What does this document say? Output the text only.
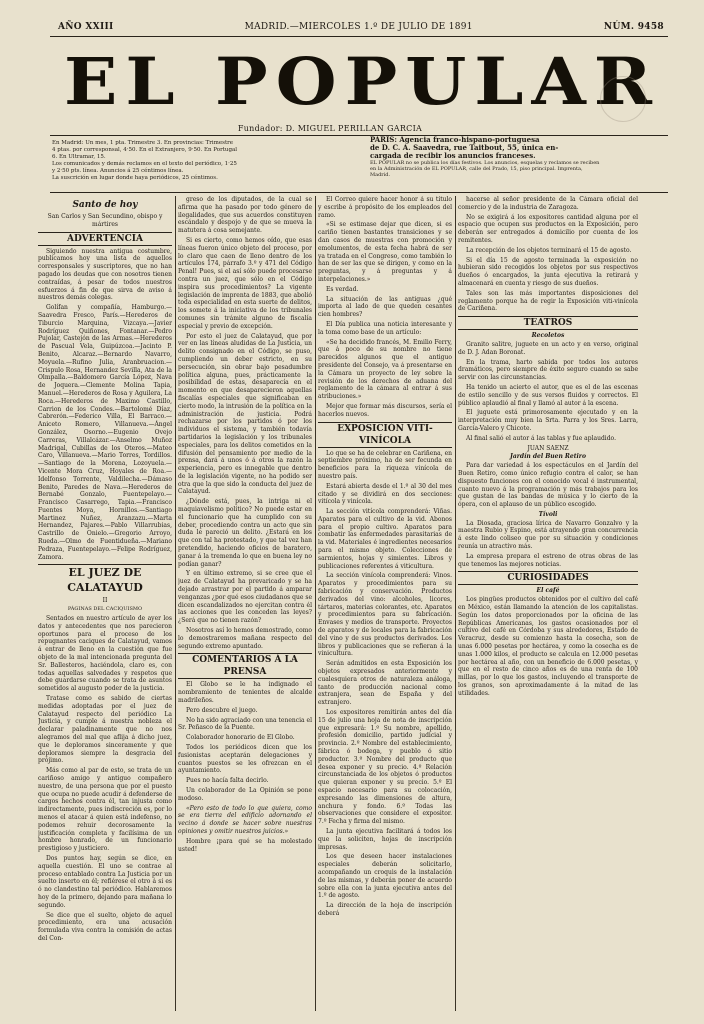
AÑO XXIII	MADRID.—MIERCOLES 1.º DE JULIO DE 1891	NÚM. 9458
EL POPULAR
Fundador: D. MIGUEL PERILLAN GARCIA
En Madrid: Un mes, 1 pta. Trimestre 3. En provincias: Trimestre
4 ptas. por corresponsal, 4·50. En el Extranjero, 9·50. En Portugal
6. En Ultramar, 15.
Los comunicados y demás reclamos en el texto del periódico, 1·25
y 2·50 pts. línea. Anuncios á 25 céntimos línea.
La suscrición en lugar donde haya periódicos, 25 céntimos.
PARIS: Agencia franco-hispano-portuguesa
de D. C. A. Saavedra, rue Taitbout, 55, única en-
cargada de recibir los anuncios franceses.
EL POPULAR no se publica los días festivos. Los anuncios, esquelas y reclamos se reciben en la Administración de EL POPULAR, calle del Prado, 15, piso principal. Imprenta, Madrid.
Santo de hoy
San Carlos y San Secundino, obispo y mártires
ADVERTENCIA

Siguiendo nuestra antigua costumbre, publicamos hoy una lista de aquellos corresponsales y suscriptores, que no han pagado los deudas que con nosotros tienen contraídas, á pesar de todos nuestros esfuerzos á fin de que sirva de aviso á nuestros demás colegas.

Golífan y compañía, Hamburgo.—Saavedra Fresco, París.—Herederos de Tiburcio Marquina, Vizcaya.—Javier Rodríguez Quiñones, Fontanar.—Pedro Pujolar, Castejón de las Armas.—Herederos de Pascual Vela, Guipúzcoa.—Jacinto P. Benito, Alcaraz.—Bernardo Navarro, Moyuela.—Rufino Julia, Aranbruacion.—Crispulo Rosa, Hernandez Sevilla, Ata de la Olmpalla.—Baldomero García López, Nava de Joquera.—Clemente Molina Tapia, Manuel.—Herederos de Rosa y Aguilera, La Roca.—Herederos de Maximo Castillo, Carrion de los Condes.—Bartolomé Díaz, Cabrerón.—Federico Villa, El Barraco.—Aniceto Romero, Villanueva.—Ángel González, Osorno.—Eugenio Ovejo Carreras, Villalcázar.—Anselmo Muñoz Madrigal, Cubillas de los Oteros.—Mateo Caro, Villanueva.—Mario Torres, Tordillos.—Santiago de la Morena, Lozoyuela.—Vicente Mora Cruz, Hoyales de Roa.—Idelfonso Torrente, Valdilecha.—Dámaso Benito, Paredes de Nava.—Herederos de Bernabé Gonzalo, Fuentepelayo.—Francisco Casarrego, Tapia.—Francisco Fuentes Moya, Hornillos.—Santiago Martinez Nuñez, Aranzazu.—Marta Hernandez, Pajares.—Pablo Villarrubias, Castrillo de Onielo.—Gregorio Arroyo, Rueda.—Olmo de Fuentidueña.—Mariano Pedraza, Fuentepelayo.—Felipe Rodríguez, Zamora.

EL JUEZ DE CALATAYUD
II
PÁGINAS DEL CACIQUISMO

Sentados en nuestro artículo de ayer los datos y antecedentes que nos parecieron oportunos para el proceso de los repugnantes caciques de Calatayud, vamos á entrar de lleno en la cuestión que fue objeto de la mal intencionada pregunta del Sr. Ballesteros, haciéndola, claro es, con todas aquellas salvedades y respetos que debe guardarse cuando se trata de asuntos sometidos al augusto poder de la justicia.

Tratase como es sabido de ciertas medidas adoptadas por el juez de Calatayud respecto del periódico La Justicia, y cumple á nuestra nobleza el declarar paladinamente que no nos alegramos del mal que aflija á dicho juez, que le deploramos sinceramente y que deploramos siempre la desgracia del prójimo.

Más como al par de esto, se trata de un cariñoso amigo y antiguo compañero nuestro, de una persona que por el puesto que ocupa no puede acudir á defenderse de cargos hechos contra él, tan injusta como indirectamente, pues indiscreción es, por lo menos el atacar á quien está indefenso, no podemos rehuir decorosamente la justificación completa y facilísima de un hombre honrado, de un funcionario prestigioso y justiciero.

Dos puntos hay, según se dice, en aquella cuestión. El uno se contrae al proceso entablado contra La Justicia por un suelto inserto en él; refiérese el otro á si es ó no clandestino tal periódico. Hablaremos hoy de la primero, dejando para mañana lo segundo.

Se dice que el suelto, objeto de aquel procedimiento, era una acusación formulada viva contra la comisión de actas del Con-

greso de los diputados, de la cual se afirma que ha pasado por todo género de ilegalidades, que sus acuerdos constituyen escándalo y despojo y de que se mueva la matutera á cosa semejante.

Si es cierto, como hemos oído, que esas líneas fueron único objeto del proceso, por lo claro que caen de lleno dentro de los artículos 174, párrafo 3.º y 471 del Código Penal! Pues, si el así sólo puede procesarse contra un juez, que sólo en el Código inspira sus procedimientos? La vigente legislación de imprenta de 1883, que abolió toda especialidad en esta suerte de delitos, los somete á la iniciativa de los tribunales comunes sin trámite alguno de fiscalía especial y previo de excepción.

Por esto el juez de Calatayud, que por ver en las líneas aludidas de La Justicia, un delito consignado en el Código, se puso, cumpliendo un deber estricto, en su persecución, sin obrar bajo pesadumbre política alguna, pues, prácticamente la posibilidad de estas, desaparecía en el momento en que desaparecieron aquellas fiscalías especiales que significaban en cierto modo, la intrusión de la política en la administración de justicia. Podrá rechazarse por los partidos ó por los individuos el sistema, y también todavía partidarios la legislación y los tribunales especiales, para los delitos cometidos en la difusión del pensamiento por medio de la prensa, dará á unos ó á otros la razón la experiencia, pero es innegable que dentro de la legislación vigente, no ha podido ser otra que la que sido la conducta del juez de Calatayud.

¿Dónde está, pues, la intriga ni el maquiavelismo político? No puede estar en el funcionario que ha cumplido con su deber, procediendo contra un acto que sin duda le pareció un delito. ¿Estará en los que con tal ha protestado, y que tal vez han pretendido, haciendo oficios de baratero, ganar á la tremenda lo que en buena ley no podían ganar?

Y en último extremo, si se cree que el juez de Calatayud ha prevaricado y se ha dejado arrastrar por el partido á amparar venganzas ¿por qué esos ciudadanos que se dicen escandalizados no ejercitan contra él las acciones que les conceden las leyes? ¿Será que no tienen razón?

Nosotros así lo hemos demostrado, como lo demostraremos mañana respecto del segundo extremo apuntado.

COMENTARIOS Á LA PRENSA

El Globo se le ha indignado el nombramiento de tenientes de alcalde madrileños.

Pero descubre el juego.

No ha sido agraciado con una tenencia el Sr. Peñasco de la Puente.

Colaborador honorario de El Globo.

Todos los periódicos dicen que los fusionistas aceptarán delegaciones y cuantos puestos se les ofrezcan en el ayuntamiento.

Pues no hacía falta decirlo.

Un colaborador de La Opinión se pone modoso.

«Pero esto de todo lo que quiera, como se era tierra del edificio adornando el vecino á donde se hacer sobre nuestras opiniones y omitir nuestros juicios.»

Hombre ¡para qué se ha molestado usted!

El Correo quiere hacer honor á su título y escribe á propósito de los empleados del ramo.

«Si se estimase dejar que dicen, si es cariño tienen bastantes transiciones y se dan casos de muestras con promoción y emolumentos, de esta fecha habrá de ser ya tratada en el Congreso, como también lo han de ser las que se dirigen, y como en la preguntas, y á preguntas y á interpelaciones.»

Es verdad.

La situación de las antiguas ¿qué importa al lado de que queden cesantes cien hombres?

El Día publica una noticia interesante y la toma como base de un artículo:

«Se ha decidido francés, M. Emilio Ferry, que á poco de su nombre no tiene parecidos algunos que el antiguo presidente del Consejo, va á presentarse en la Cámara un proyecto de ley sobre la revisión de los derechos de aduana del reglamento de la cámara al entrar á sus atribuciones.»

Mejor que formar más discursos, sería el hacerlos nuevos.

EXPOSICIÓN VITI-VINÍCOLA

Lo que se ha de celebrar en Cariñena, en septiembre próximo, ha de ser fecunda en beneficios para la riqueza vinícola de nuestro país.

Estará abierta desde el 1.º al 30 del mes citado y se dividirá en dos secciones: vitícola y vinícola.

La sección vitícola comprenderá: Viñas. Aparatos para el cultivo de la vid. Abonos para el propio cultivo. Aparatos para combatir las enfermedades parasitarias de la vid. Materiales é ingredientes necesarios para el mismo objeto. Colecciones de sarmientos, hojas y simientes. Libros y publicaciones referentes á viticultura.

La sección vinícola comprenderá: Vinos. Aparatos y procedimientos para su fabricación y conservación. Productos derivados del vino: alcoholes, licores, tártaros, materias colorantes, etc. Aparatos y procedimientos para su fabricación. Envases y medios de transporte. Proyectos de aparatos y de locales para la fabricación del vino y de sus productos derivados. Los libros y publicaciones que se refieran á la vinicultura.

Serán admitidos en esta Exposición los objetos expresados anteriormente y cualesquiera otros de naturaleza análoga, tanto de producción nacional como extranjera, sean de España y del extranjero.

Los expositores remitirán antes del día 15 de julio una hoja de nota de inscripción que expresará: 1.º Su nombre, apellido, profesión domicilio, partido judicial y provincia. 2.º Nombre del establecimiento, fábrica ó bodega, y pueblo ó sitio productor. 3.º Nombre del producto que desea exponer y su precio. 4.º Relación circunstanciada de los objetos ó productos que quieran exponer y su precio. 5.º El espacio necesario para su colocación, expresando las dimensiones de altura, anchura y fondo. 6.º Todas las observaciones que considere el expositor. 7.º Fecha y firma del mismo.

La junta ejecutiva facilitará á todos los que la soliciten, hojas de inscripción impresas.

Los que deseen hacer instalaciones especiales deberán solicitarlo, acompañando un croquis de la instalación de las mismas, y deberán poner de acuerdo sobre ella con la junta ejecutiva antes del 1.º de agosto.

La dirección de la hoja de inscripción deberá

hacerse al señor presidente de la Cámara oficial del comercio y de la industria de Zaragoza.

No se exigirá á los expositores cantidad alguna por el espacio que ocupen sus productos en la Exposición, pero deberán ser entregados á domicilio por cuenta de los remitentes.

La recepción de los objetos terminará el 15 de agosto.

Si el día 15 de agosto terminada la exposición no hubieran sido recogidos los objetos por sus respectivos dueños ó encargados, la junta ejecutiva la retirará y almacenará en cuenta y riesgo de sus dueños.

Tales son las más importantes disposiciones del reglamento porque ha de regir la Exposición viti-vinícola de Cariñena.

TEATROS
Recoletos

Granito salitre, juguete en un acto y en verso, original de D. J. Adan Boronat.

En la trama, harto sabida por todos los autores dramáticos, pero siempre de éxito seguro cuando se sabe servir con las circunstancias.

Ha tenido un acierto el autor, que es el de las escenas de estilo sencillo y de sus versos fluidos y correctos. El público aplaudió al final y llamó al autor á la escena.

El juguete está primorosamente ejecutado y en la interpretación muy bien la Srta. Parra y los Sres. Larra, García-Valero y Chicote.

Al final salió el autor á las tablas y fue aplaudido.

JUAN SAENZ
Jardín del Buen Retiro

Para dar variedad á los espectáculos en el Jardín del Buen Retiro, como único refugio contra el calor, se han dispuesto funciones con el conocido vocal é instrumental, cuanto nuevo á la programación y más trabajos para los que gustan de las bandas de música y lo cierto de la ópera, con el aplauso de un público escogido.

Tívoli

La Diosada, graciosa lírica de Navarro Gonzalvo y la maestra Rubio y Espino, está atrayendo gran concurrencia á este lindo coliseo que por su situación y condiciones reunía un atractivo más.

La empresa prepara el estreno de otras obras de las que tenemos las mejores noticias.

CURIOSIDADES
El café

Los pingües productos obtenidos por el cultivo del café en México, están llamando la atención de los capitalistas. Según los datos proporcionados por la oficina de las Repúblicas Americanas, los gastos ocasionados por el cultivo del café en Córdoba y sus alrededores, Estado de Veracruz, desde su comienzo hasta la cosecha, son de unas 6.000 pesetas por hectárea, y como la cosecha es de unas 1.000 kilos, el producto se calcula en 12.000 pesetas por hectárea al año, con un beneficio de 6.000 pesetas, y que en el resto de cinco años es de una renta de 100 millas, por lo que los gastos, incluyendo el transporte de los granos, son aproximadamente á la mitad de las utilidades.
